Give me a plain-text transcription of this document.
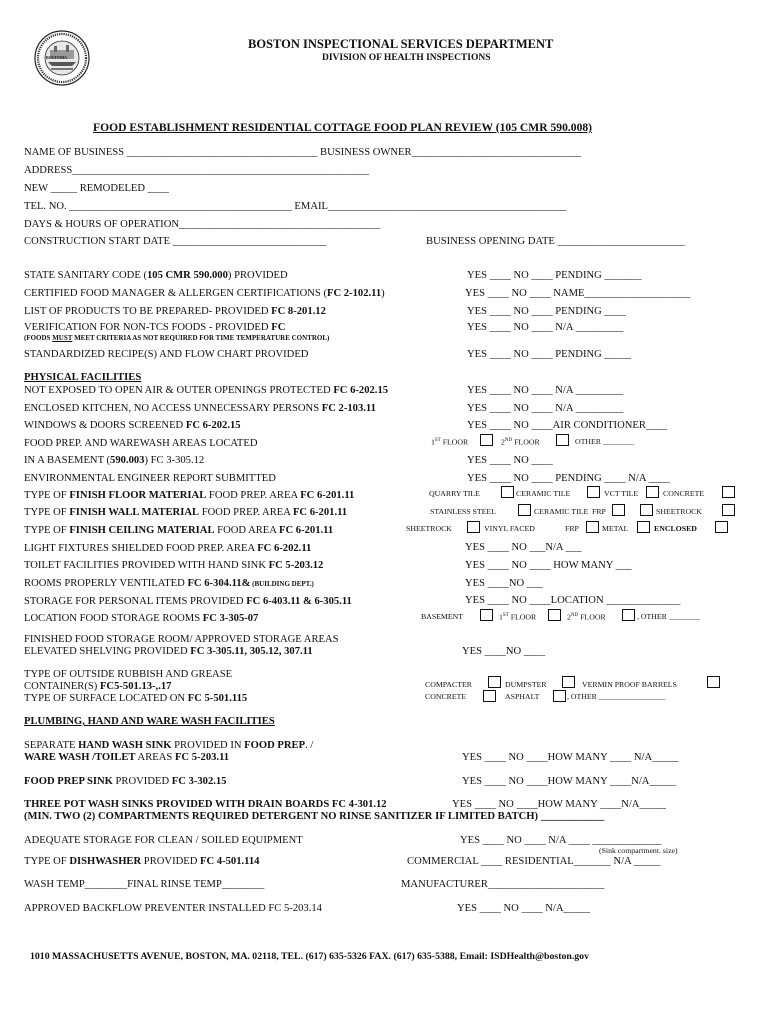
BOSTONIA
BOSTON INSPECTIONAL SERVICES DEPARTMENT
DIVISION OF HEALTH INSPECTIONS
FOOD ESTABLISHMENT RESIDENTIAL COTTAGE FOOD PLAN REVIEW (105 CMR 590.008)
NAME OF BUSINESS ____________________________________ BUSINESS OWNER________________________________
ADDRESS________________________________________________________
NEW _____ REMODELED ____
TEL. NO. __________________________________________ EMAIL_____________________________________________
DAYS & HOURS OF OPERATION______________________________________
CONSTRUCTION START DATE _____________________________	BUSINESS OPENING DATE ________________________
STATE SANITARY CODE (105 CMR 590.000) PROVIDED	YES ____ NO ____ PENDING _______
CERTIFIED FOOD MANAGER & ALLERGEN CERTIFICATIONS (FC 2-102.11)	YES ____ NO ____ NAME____________________
LIST OF PRODUCTS TO BE PREPARED- PROVIDED FC 8-201.12	YES ____ NO ____ PENDING ____
VERIFICATION FOR NON-TCS FOODS - PROVIDED FC
(FOODS MUST MEET CRITERIA AS NOT REQUIRED FOR TIME TEMPERATURE CONTROL)
YES ____ NO ____ N/A _________
STANDARDIZED RECIPE(S) AND FLOW CHART PROVIDED	YES ____ NO ____ PENDING _____
PHYSICAL FACILITIES
NOT EXPOSED TO OPEN AIR & OUTER OPENINGS PROTECTED FC 6-202.15	YES ____ NO ____ N/A _________
ENCLOSED KITCHEN, NO ACCESS UNNECESSARY PERSONS FC 2-103.11	YES ____ NO ____ N/A _________
WINDOWS & DOORS SCREENED FC 6-202.15	YES ____ NO ____AIR CONDITIONER____
FOOD PREP. AND WAREWASH AREAS LOCATED	1ST FLOOR	2ND FLOOR	OTHER ________
IN A BASEMENT (590.003) FC 3-305.12	YES ____ NO ____
ENVIRONMENTAL ENGINEER REPORT SUBMITTED	YES ____ NO ____ PENDING ____ N/A ____
TYPE OF FINISH FLOOR MATERIAL FOOD PREP. AREA FC 6-201.11	QUARRY TILE	CERAMIC TILE	VCT TILE	CONCRETE
TYPE OF FINISH WALL MATERIAL FOOD PREP. AREA FC 6-201.11	STAINLESS STEEL	CERAMIC TILE FRP	SHEETROCK
TYPE OF FINISH CEILING MATERIAL FOOD AREA FC 6-201.11	SHEETROCK	VINYL FACED	FRP	METAL	ENCLOSED
LIGHT FIXTURES SHIELDED FOOD PREP. AREA FC 6-202.11	YES ____ NO ___N/A ___
TOILET FACILITIES PROVIDED WITH HAND SINK FC 5-203.12	YES ____ NO ____ HOW MANY ___
ROOMS PROPERLY VENTILATED FC 6-304.11& (BUILDING DEPT.)	YES ____NO ___
STORAGE FOR PERSONAL ITEMS PROVIDED FC 6-403.11 & 6-305.11	YES ____ NO ____LOCATION ______________
LOCATION FOOD STORAGE ROOMS FC 3-305-07	BASEMENT	1ST FLOOR	2ND FLOOR	, OTHER ________
FINISHED FOOD STORAGE ROOM/ APPROVED STORAGE AREAS
ELEVATED SHELVING PROVIDED FC 3-305.11, 305.12, 307.11	YES ____NO ____
TYPE OF OUTSIDE RUBBISH AND GREASE
CONTAINER(S) FC5-501.13-,.17
TYPE OF SURFACE LOCATED ON FC 5-501.115
COMPACTER	DUMPSTER	VERMIN PROOF BARRELS
CONCRETE	ASPHALT	, OTHER _________________
PLUMBING, HAND AND WARE WASH FACILITIES
SEPARATE HAND WASH SINK PROVIDED IN FOOD PREP. /
WARE WASH /TOILET AREAS FC 5-203.11	YES ____ NO ____HOW MANY ____ N/A_____
FOOD PREP SINK PROVIDED FC 3-302.15	YES ____ NO ____HOW MANY ____N/A_____
THREE POT WASH SINKS PROVIDED WITH DRAIN BOARDS FC 4-301.12	YES ____ NO ____HOW MANY ____N/A_____
(MIN. TWO (2) COMPARTMENTS REQUIRED DETERGENT NO RINSE SANITIZER IF LIMITED BATCH) ____________
ADEQUATE STORAGE FOR CLEAN / SOILED EQUIPMENT	YES ____ NO ____ N/A ____ _____________
(Sink compartment. size)
TYPE OF DISHWASHER PROVIDED FC 4-501.114	COMMERCIAL ____ RESIDENTIAL_______ N/A _____
WASH TEMP________FINAL RINSE TEMP________	MANUFACTURER______________________
APPROVED BACKFLOW PREVENTER INSTALLED FC 5-203.14	YES ____ NO ____ N/A_____
1010 MASSACHUSETTS AVENUE, BOSTON, MA. 02118, TEL. (617) 635-5326 FAX. (617) 635-5388, Email: ISDHealth@boston.gov
